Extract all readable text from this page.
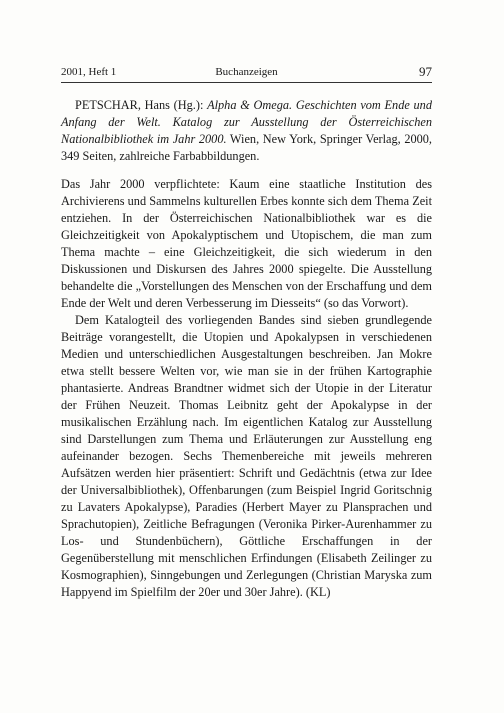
2001, Heft 1	Buchanzeigen	97

PETSCHAR, Hans (Hg.): Alpha & Omega. Geschichten vom Ende und Anfang der Welt. Katalog zur Ausstellung der Österreichischen Nationalbibliothek im Jahr 2000. Wien, New York, Springer Verlag, 2000, 349 Seiten, zahlreiche Farbabbildungen.

Das Jahr 2000 verpflichtete: Kaum eine staatliche Institution des Archivierens und Sammelns kulturellen Erbes konnte sich dem Thema Zeit entziehen. In der Österreichischen Nationalbibliothek war es die Gleichzeitigkeit von Apokalyptischem und Utopischem, die man zum Thema machte – eine Gleichzeitigkeit, die sich wiederum in den Diskussionen und Diskursen des Jahres 2000 spiegelte. Die Ausstellung behandelte die „Vorstellungen des Menschen von der Erschaffung und dem Ende der Welt und deren Verbesserung im Diesseits“ (so das Vorwort).

Dem Katalogteil des vorliegenden Bandes sind sieben grundlegende Beiträge vorangestellt, die Utopien und Apokalypsen in verschiedenen Medien und unterschiedlichen Ausgestaltungen beschreiben. Jan Mokre etwa stellt bessere Welten vor, wie man sie in der frühen Kartographie phantasierte. Andreas Brandtner widmet sich der Utopie in der Literatur der Frühen Neuzeit. Thomas Leibnitz geht der Apokalypse in der musikalischen Erzählung nach. Im eigentlichen Katalog zur Ausstellung sind Darstellungen zum Thema und Erläuterungen zur Ausstellung eng aufeinander bezogen. Sechs Themenbereiche mit jeweils mehreren Aufsätzen werden hier präsentiert: Schrift und Gedächtnis (etwa zur Idee der Universalbibliothek), Offenbarungen (zum Beispiel Ingrid Goritschnig zu Lavaters Apokalypse), Paradies (Herbert Mayer zu Plansprachen und Sprachutopien), Zeitliche Befragungen (Veronika Pirker-Aurenhammer zu Los- und Stundenbüchern), Göttliche Erschaffungen in der Gegenüberstellung mit menschlichen Erfindungen (Elisabeth Zeilinger zu Kosmographien), Sinngebungen und Zerlegungen (Christian Maryska zum Happyend im Spielfilm der 20er und 30er Jahre). (KL)
